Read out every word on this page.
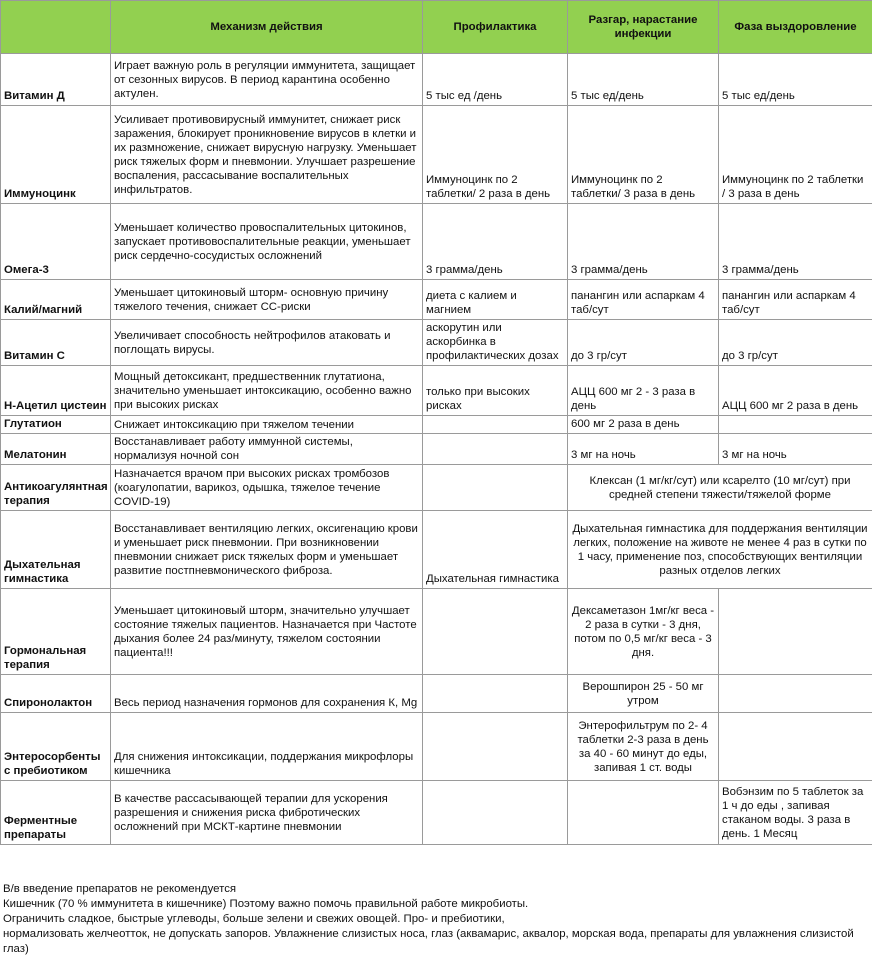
	Механизм действия	Профилактика	Разгар, нарастание инфекции	Фаза выздоровление
Витамин Д	Играет важную роль в регуляции иммунитета, защищает от сезонных вирусов. В период карантина особенно актулен.	5 тыс ед /день	5 тыс ед/день	5 тыс ед/день
Иммуноцинк	Усиливает противовирусный иммунитет, снижает риск заражения, блокирует проникновение вирусов в клетки и их размножение, снижает вирусную нагрузку. Уменьшает риск тяжелых форм и пневмонии. Улучшает разрешение воспаления, рассасывание воспалительных инфильтратов.	Иммуноцинк по 2 таблетки/ 2 раза в день	Иммуноцинк по 2 таблетки/ 3 раза в день	Иммуноцинк по 2 таблетки / 3 раза в день
Омега-3	Уменьшает количество провоспалительных цитокинов, запускает противовоспалительные реакции, уменьшает риск сердечно-сосудистых осложнений	3 грамма/день	3 грамма/день	3 грамма/день
Калий/магний	Уменьшает цитокиновый шторм- основную причину тяжелого течения, снижает СС-риски	диета с калием и магнием	панангин или аспаркам 4 таб/сут	панангин или аспаркам 4 таб/сут
Витамин С	Увеличивает способность нейтрофилов атаковать и поглощать вирусы.	аскорутин или аскорбинка в профилактических дозах	до 3 гр/сут	до 3 гр/сут
Н-Ацетил цистеин	Мощный детоксикант, предшественник глутатиона, значительно уменьшает интоксикацию, особенно важно при высоких рисках	только при высоких рисках	АЦЦ 600 мг 2 - 3 раза в день	АЦЦ 600 мг 2 раза в день
Глутатион	Снижает интоксикацию при тяжелом течении		600 мг 2 раза в день	
Мелатонин	Восстанавливает работу иммунной системы, нормализуя ночной сон		3 мг на ночь	3 мг на ночь
Антикоагулянтная терапия	Назначается врачом при высоких рисках тромбозов (коагулопатии, варикоз, одышка, тяжелое течение COVID-19)		Клексан (1 мг/кг/сут) или ксарелто (10 мг/сут) при средней степени тяжести/тяжелой форме	
Дыхательная гимнастика	Восстанавливает вентиляцию легких, оксигенацию крови и уменьшает риск пневмонии. При возникновении пневмонии снижает риск тяжелых форм и уменьшает развитие постпневмонического фиброза.	Дыхательная гимнастика	Дыхательная гимнастика для поддержания вентиляции легких, положение на животе не менее 4 раз в сутки по 1 часу, применение поз, способствующих вентиляции разных отделов легких	
Гормональная терапия	Уменьшает цитокиновый шторм, значительно улучшает состояние тяжелых пациентов. Назначается при Частоте дыхания более 24 раз/минуту, тяжелом состоянии пациента!!!		Дексаметазон 1мг/кг веса - 2 раза в сутки - 3 дня, потом по 0,5 мг/кг веса - 3 дня.	
Спиронолактон	Весь период назначения гормонов для сохранения К, Mg		Верошпирон 25 - 50 мг утром	
Энтеросорбенты с пребиотиком	Для снижения интоксикации, поддержания микрофлоры кишечника		Энтерофильтрум по 2- 4 таблетки 2-3 раза в день за 40 - 60 минут до еды, запивая 1 ст. воды	
Ферментные препараты	В качестве рассасывающей терапии для ускорения разрешения и снижения риска фибротических осложнений при МСКТ-картине пневмонии			Вобэнзим по 5 таблеток за 1 ч до еды , запивая стаканом воды. 3 раза в день. 1 Месяц

В/в введение препаратов не рекомендуется
Кишечник (70 % иммунитета в кишечнике) Поэтому важно помочь правильной работе микробиоты.
Ограничить сладкое, быстрые углеводы, больше зелени и свежих овощей. Про- и пребиотики,
нормализовать желчеотток, не допускать запоров. Увлажнение слизистых носа, глаз (аквамарис, аквалор, морская вода, препараты для увлажнения слизистой глаз)
